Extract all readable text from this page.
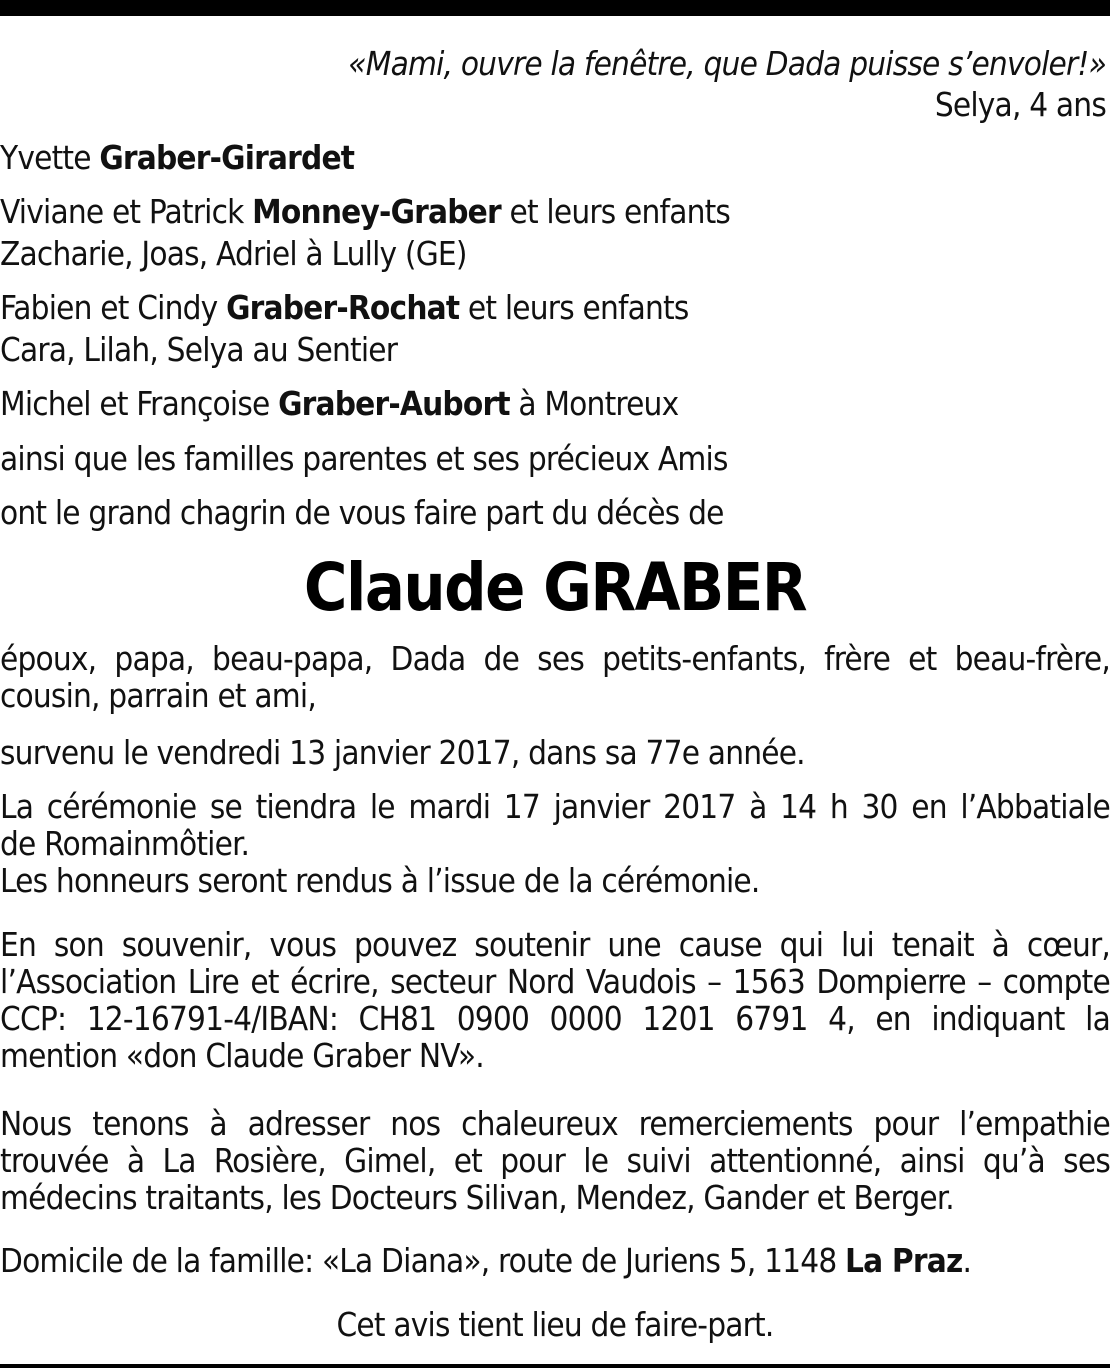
«Mami, ouvre la fenêtre, que Dada puisse s’envoler!»
Selya, 4 ans
Yvette Graber-Girardet
Viviane et Patrick Monney-Graber et leurs enfants
Zacharie, Joas, Adriel à Lully (GE)
Fabien et Cindy Graber-Rochat et leurs enfants
Cara, Lilah, Selya au Sentier
Michel et Françoise Graber-Aubort à Montreux
ainsi que les familles parentes et ses précieux Amis
ont le grand chagrin de vous faire part du décès de
Claude GRABER
époux, papa, beau-papa, Dada de ses petits-enfants, frère et beau-frère,
cousin, parrain et ami,
survenu le vendredi 13 janvier 2017, dans sa 77e année.
La cérémonie se tiendra le mardi 17 janvier 2017 à 14 h 30 en l’Abbatiale
de Romainmôtier.
Les honneurs seront rendus à l’issue de la cérémonie.
En son souvenir, vous pouvez soutenir une cause qui lui tenait à cœur,
l’Association Lire et écrire, secteur Nord Vaudois – 1563 Dompierre – compte
CCP: 12-16791-4/IBAN: CH81 0900 0000 1201 6791 4, en indiquant la
mention «don Claude Graber NV».
Nous tenons à adresser nos chaleureux remerciements pour l’empathie
trouvée à La Rosière, Gimel, et pour le suivi attentionné, ainsi qu’à ses
médecins traitants, les Docteurs Silivan, Mendez, Gander et Berger.
Domicile de la famille: «La Diana», route de Juriens 5, 1148 La Praz.
Cet avis tient lieu de faire-part.
